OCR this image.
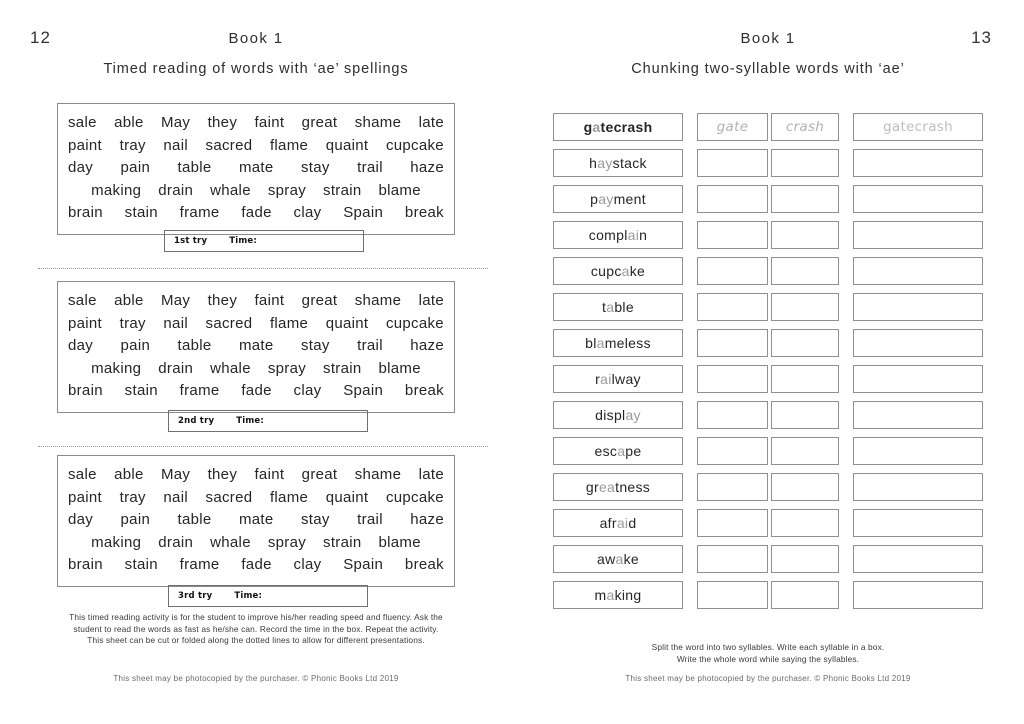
12	Book 1
Timed reading of words with ‘ae’ spellings
sale able May they faint great shame late
paint tray nail sacred flame quaint cupcake
day pain table mate stay trail haze
making drain whale spray strain blame
brain stain frame fade clay Spain break
1st try	Time:
sale able May they faint great shame late
paint tray nail sacred flame quaint cupcake
day pain table mate stay trail haze
making drain whale spray strain blame
brain stain frame fade clay Spain break
2nd try	Time:
sale able May they faint great shame late
paint tray nail sacred flame quaint cupcake
day pain table mate stay trail haze
making drain whale spray strain blame
brain stain frame fade clay Spain break
3rd try	Time:
This timed reading activity is for the student to improve his/her reading speed and fluency. Ask the
student to read the words as fast as he/she can. Record the time in the box. Repeat the activity.
This sheet can be cut or folded along the dotted lines to allow for different presentations.
This sheet may be photocopied by the purchaser. © Phonic Books Ltd 2019
13
Book 1
Chunking two-syllable words with ‘ae’
gatecrash	gate	crash	gatecrash
haystack
payment
complain
cupcake
table
blameless
railway
display
escape
greatness
afraid
awake
making
Split the word into two syllables. Write each syllable in a box.
Write the whole word while saying the syllables.
This sheet may be photocopied by the purchaser. © Phonic Books Ltd 2019
